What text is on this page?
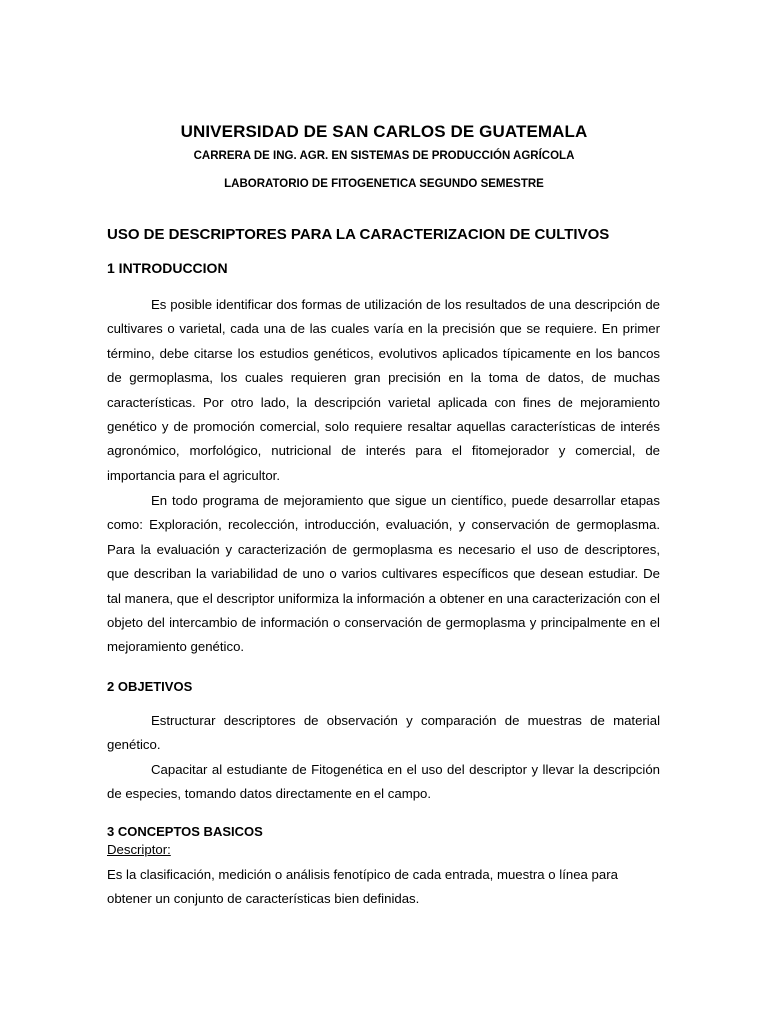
UNIVERSIDAD DE SAN CARLOS DE GUATEMALA
CARRERA DE ING. AGR. EN SISTEMAS DE PRODUCCIÓN AGRÍCOLA
LABORATORIO DE FITOGENETICA SEGUNDO SEMESTRE
USO DE DESCRIPTORES PARA LA CARACTERIZACION DE CULTIVOS
1 INTRODUCCION

Es posible identificar dos formas de utilización de los resultados de una descripción de cultivares o varietal, cada una de las cuales varía en la precisión que se requiere. En primer término, debe citarse los estudios genéticos, evolutivos aplicados típicamente en los bancos de germoplasma, los cuales requieren gran precisión en la toma de datos, de muchas características. Por otro lado, la descripción varietal aplicada con fines de mejoramiento genético y de promoción comercial, solo requiere resaltar aquellas características de interés agronómico, morfológico, nutricional de interés para el fitomejorador y comercial, de importancia para el agricultor.

En todo programa de mejoramiento que sigue un científico, puede desarrollar etapas como: Exploración, recolección, introducción, evaluación, y conservación de germoplasma. Para la evaluación y caracterización de germoplasma es necesario el uso de descriptores, que describan la variabilidad de uno o varios cultivares específicos que desean estudiar. De tal manera, que el descriptor uniformiza la información a obtener en una caracterización con el objeto del intercambio de información o conservación de germoplasma y principalmente en el mejoramiento genético.

2 OBJETIVOS

Estructurar descriptores de observación y comparación de muestras de material genético.

Capacitar al estudiante de Fitogenética en el uso del descriptor y llevar la descripción de especies, tomando datos directamente en el campo.

3 CONCEPTOS BASICOS

Descriptor:

Es la clasificación, medición o análisis fenotípico de cada entrada, muestra o línea para obtener un conjunto de características bien definidas.
